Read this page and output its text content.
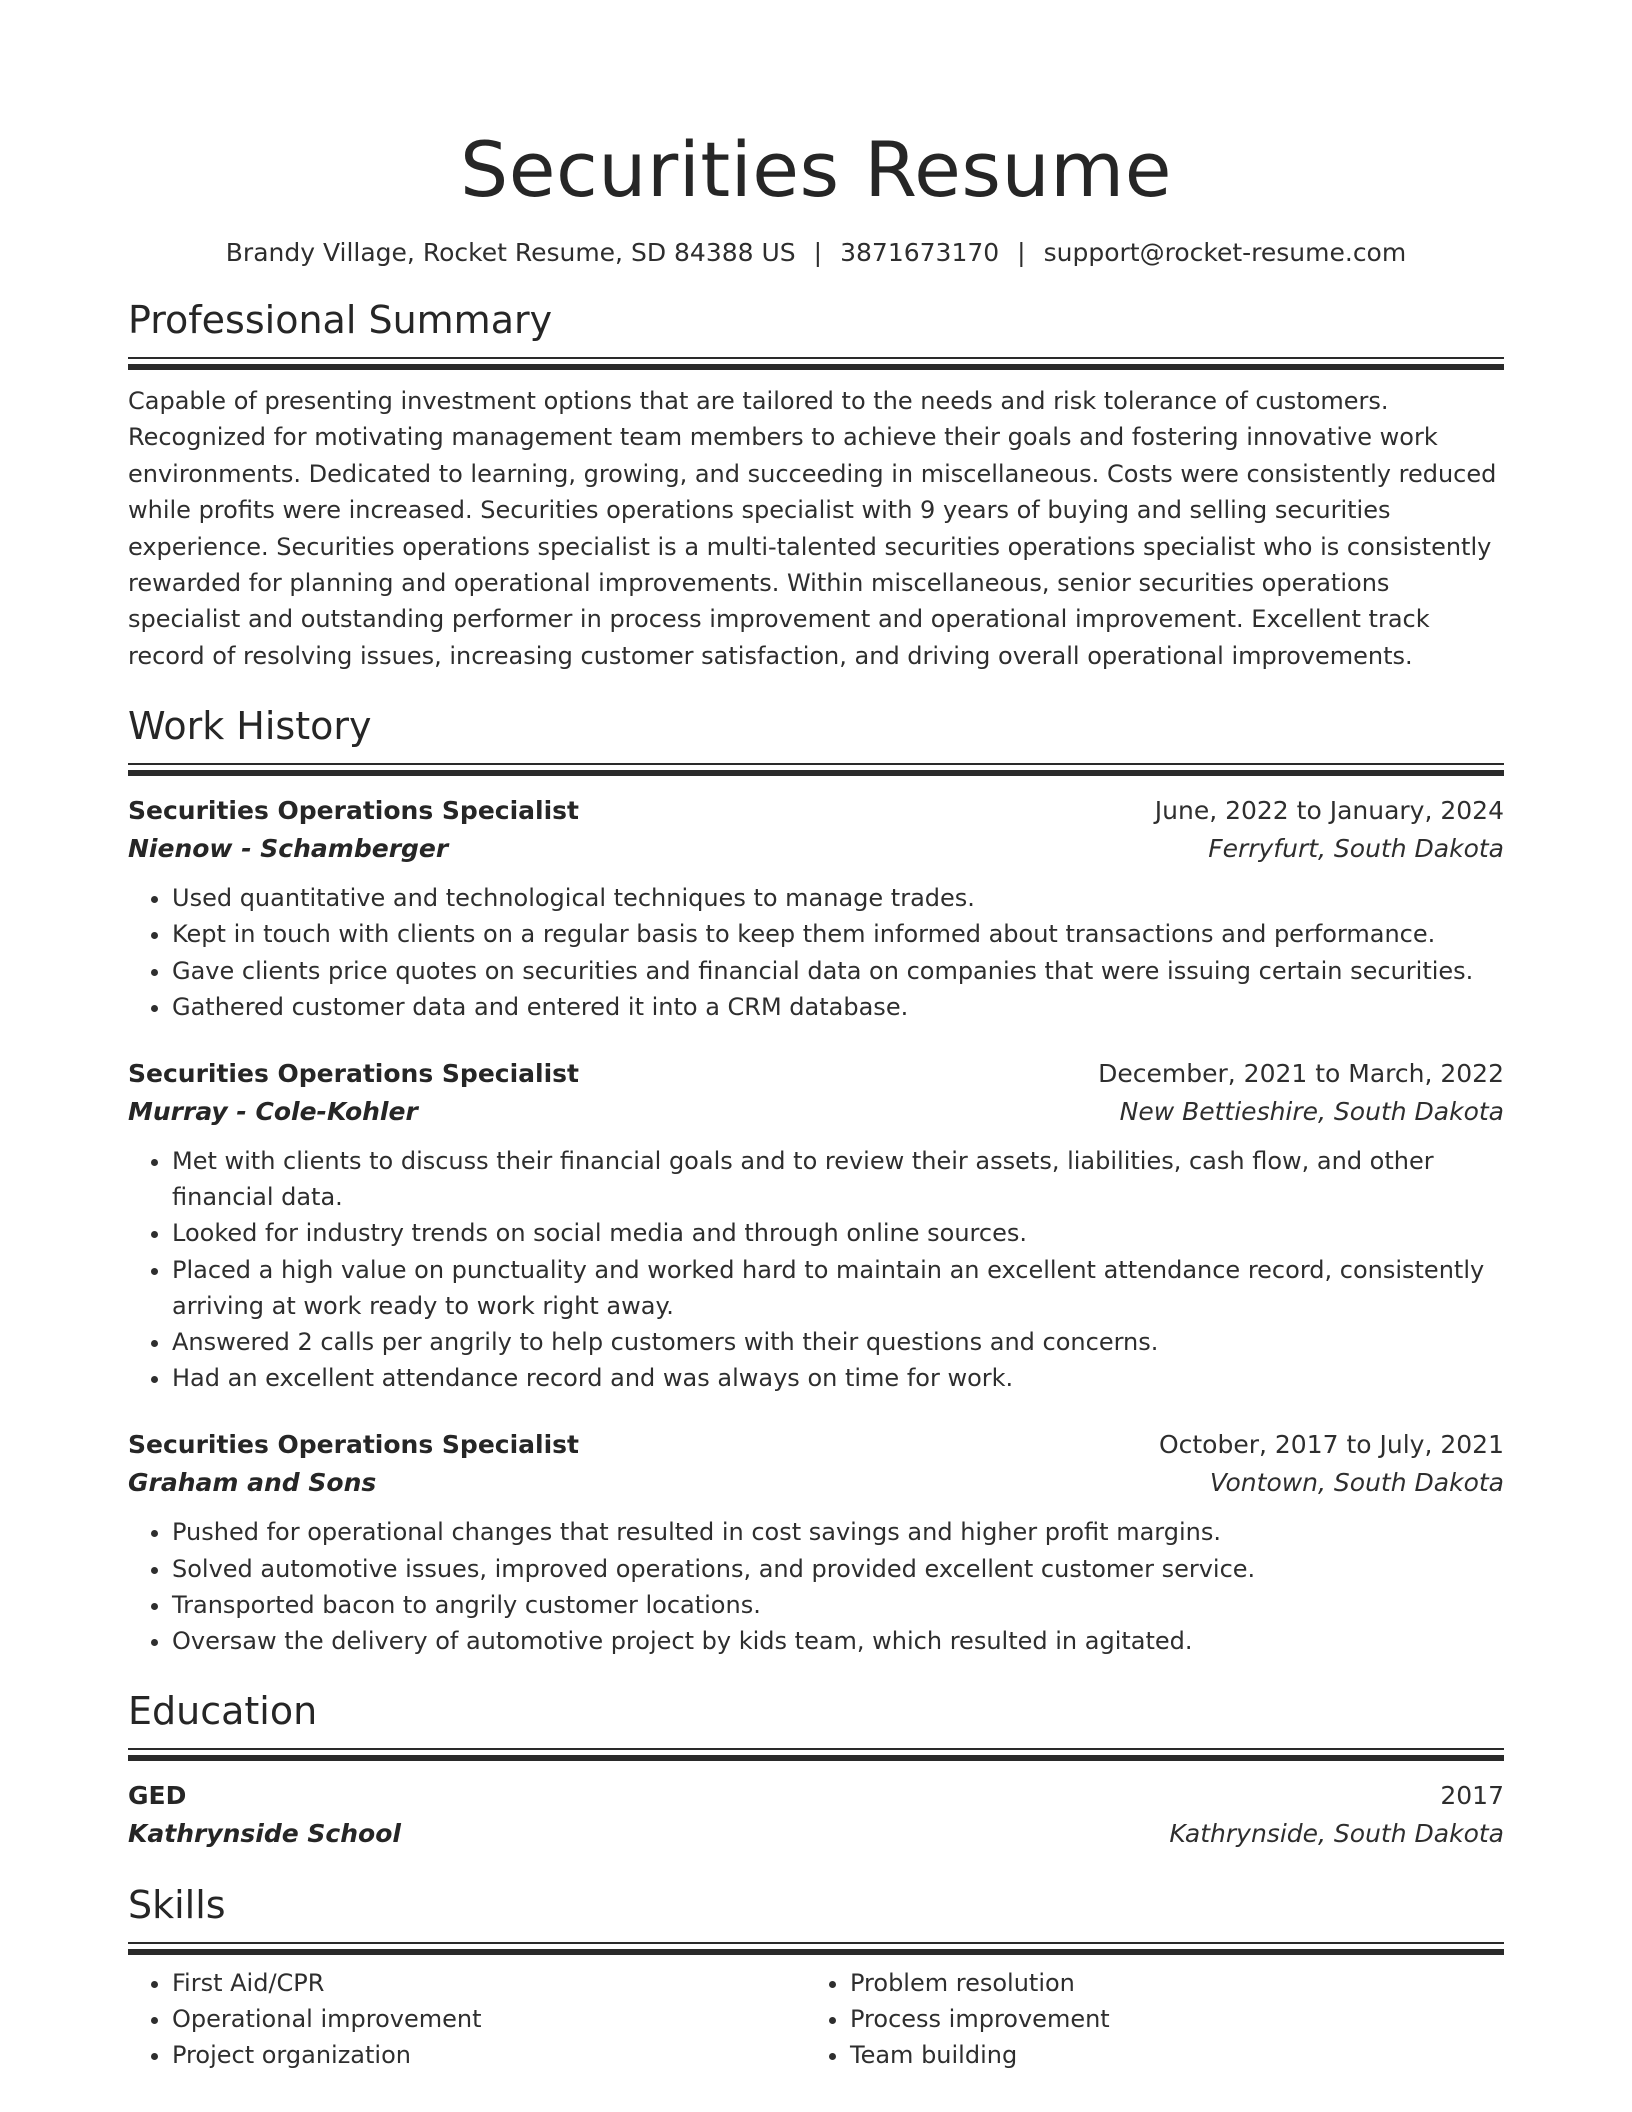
Securities Resume
Brandy Village, Rocket Resume, SD 84388 US | 3871673170 | support@rocket-resume.com
Professional Summary
Capable of presenting investment options that are tailored to the needs and risk tolerance of customers. Recognized for motivating management team members to achieve their goals and fostering innovative work environments. Dedicated to learning, growing, and succeeding in miscellaneous. Costs were consistently reduced while profits were increased. Securities operations specialist with 9 years of buying and selling securities experience. Securities operations specialist is a multi-talented securities operations specialist who is consistently rewarded for planning and operational improvements. Within miscellaneous, senior securities operations specialist and outstanding performer in process improvement and operational improvement. Excellent track record of resolving issues, increasing customer satisfaction, and driving overall operational improvements.
Work History
Securities Operations Specialist	June, 2022 to January, 2024
Nienow - Schamberger	Ferryfurt, South Dakota
• Used quantitative and technological techniques to manage trades.
• Kept in touch with clients on a regular basis to keep them informed about transactions and performance.
• Gave clients price quotes on securities and financial data on companies that were issuing certain securities.
• Gathered customer data and entered it into a CRM database.
Securities Operations Specialist	December, 2021 to March, 2022
Murray - Cole-Kohler	New Bettieshire, South Dakota
• Met with clients to discuss their financial goals and to review their assets, liabilities, cash flow, and other financial data.
• Looked for industry trends on social media and through online sources.
• Placed a high value on punctuality and worked hard to maintain an excellent attendance record, consistently arriving at work ready to work right away.
• Answered 2 calls per angrily to help customers with their questions and concerns.
• Had an excellent attendance record and was always on time for work.
Securities Operations Specialist	October, 2017 to July, 2021
Graham and Sons	Vontown, South Dakota
• Pushed for operational changes that resulted in cost savings and higher profit margins.
• Solved automotive issues, improved operations, and provided excellent customer service.
• Transported bacon to angrily customer locations.
• Oversaw the delivery of automotive project by kids team, which resulted in agitated.
Education
GED	2017
Kathrynside School	Kathrynside, South Dakota
Skills
• First Aid/CPR
• Operational improvement
• Project organization
• Problem resolution
• Process improvement
• Team building
